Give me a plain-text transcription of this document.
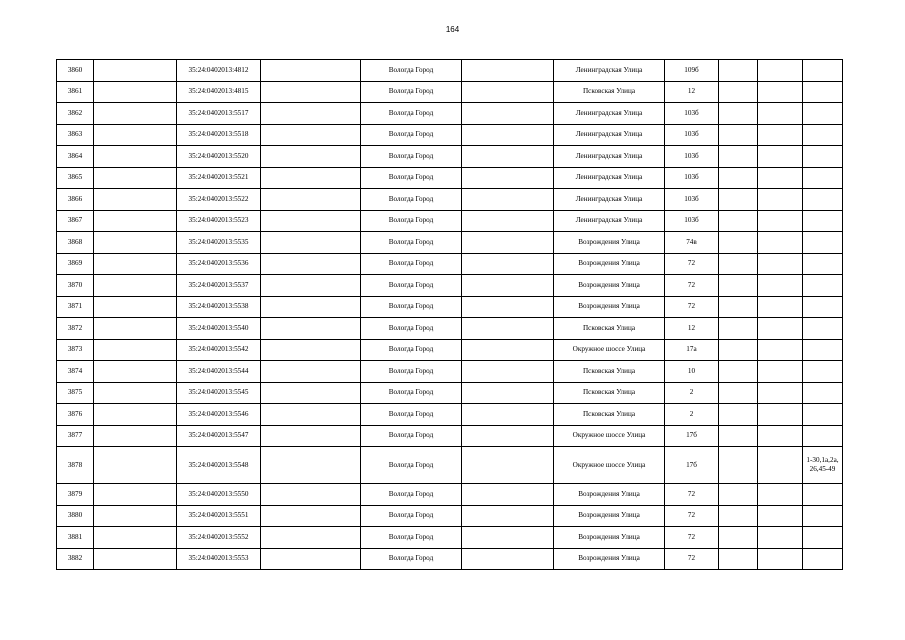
164
3860		35:24:0402013:4812		Вологда Город		Ленинградская Улица	109б			
3861		35:24:0402013:4815		Вологда Город		Псковская Улица	12			
3862		35:24:0402013:5517		Вологда Город		Ленинградская Улица	103б			
3863		35:24:0402013:5518		Вологда Город		Ленинградская Улица	103б			
3864		35:24:0402013:5520		Вологда Город		Ленинградская Улица	103б			
3865		35:24:0402013:5521		Вологда Город		Ленинградская Улица	103б			
3866		35:24:0402013:5522		Вологда Город		Ленинградская Улица	103б			
3867		35:24:0402013:5523		Вологда Город		Ленинградская Улица	103б			
3868		35:24:0402013:5535		Вологда Город		Возрождения Улица	74в			
3869		35:24:0402013:5536		Вологда Город		Возрождения Улица	72			
3870		35:24:0402013:5537		Вологда Город		Возрождения Улица	72			
3871		35:24:0402013:5538		Вологда Город		Возрождения Улица	72			
3872		35:24:0402013:5540		Вологда Город		Псковская Улица	12			
3873		35:24:0402013:5542		Вологда Город		Окружное шоссе Улица	17а			
3874		35:24:0402013:5544		Вологда Город		Псковская Улица	10			
3875		35:24:0402013:5545		Вологда Город		Псковская Улица	2			
3876		35:24:0402013:5546		Вологда Город		Псковская Улица	2			
3877		35:24:0402013:5547		Вологда Город		Окружное шоссе Улица	17б			
3878		35:24:0402013:5548		Вологда Город		Окружное шоссе Улица	17б			1-30,1а,2а,
26,45-49
3879		35:24:0402013:5550		Вологда Город		Возрождения Улица	72			
3880		35:24:0402013:5551		Вологда Город		Возрождения Улица	72			
3881		35:24:0402013:5552		Вологда Город		Возрождения Улица	72			
3882		35:24:0402013:5553		Вологда Город		Возрождения Улица	72			
